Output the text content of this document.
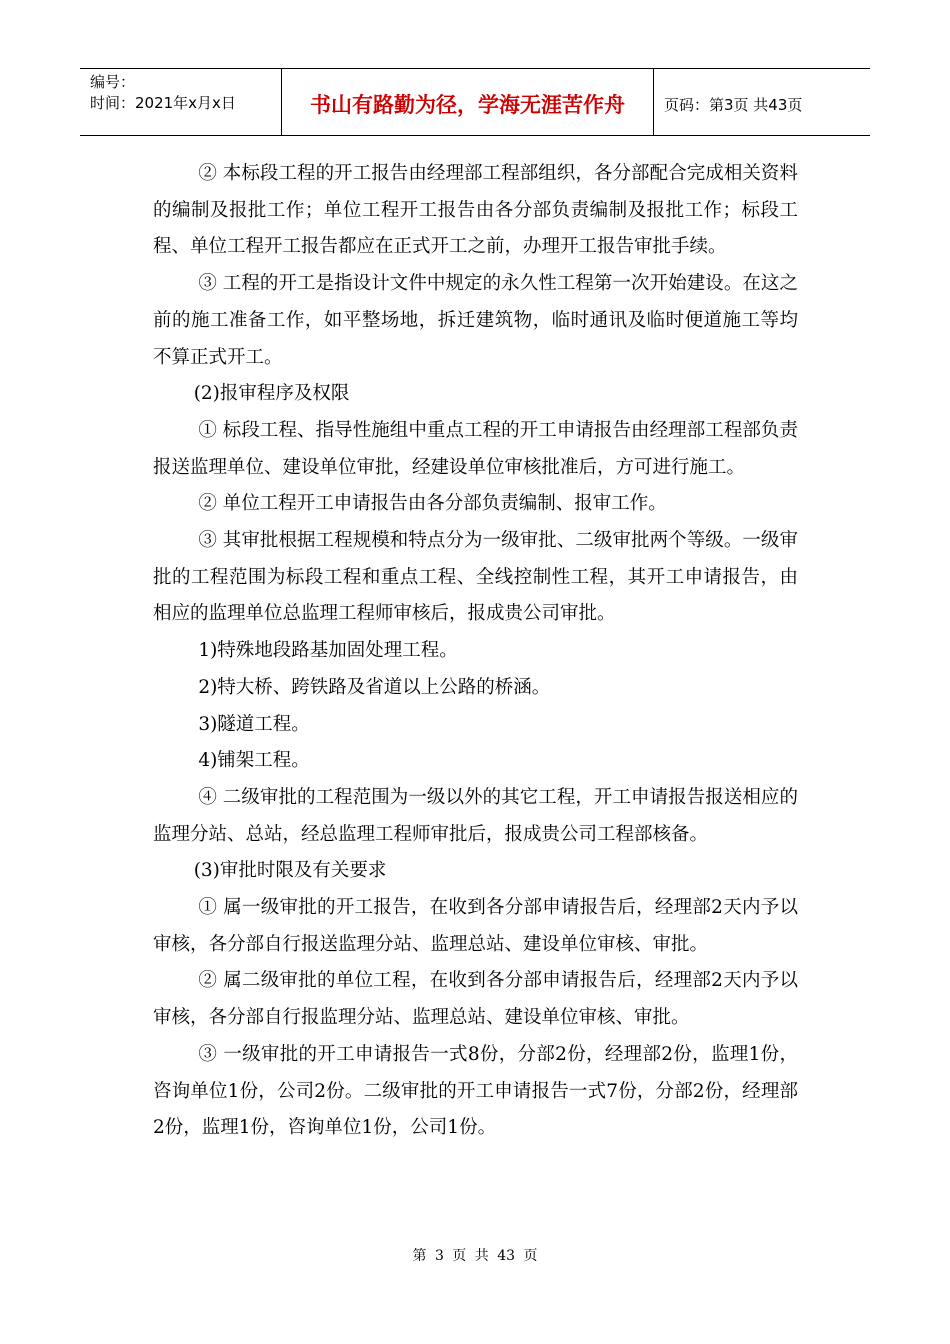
编号：
时间：2021年x月x日	书山有路勤为径，学海无涯苦作舟	页码：第3页 共43页

② 本标段工程的开工报告由经理部工程部组织，各分部配合完成相关资料的编制及报批工作；单位工程开工报告由各分部负责编制及报批工作；标段工程、单位工程开工报告都应在正式开工之前，办理开工报告审批手续。

③ 工程的开工是指设计文件中规定的永久性工程第一次开始建设。在这之前的施工准备工作，如平整场地，拆迁建筑物，临时通讯及临时便道施工等均不算正式开工。

(2)报审程序及权限

① 标段工程、指导性施组中重点工程的开工申请报告由经理部工程部负责报送监理单位、建设单位审批，经建设单位审核批准后，方可进行施工。

② 单位工程开工申请报告由各分部负责编制、报审工作。

③ 其审批根据工程规模和特点分为一级审批、二级审批两个等级。一级审批的工程范围为标段工程和重点工程、全线控制性工程，其开工申请报告，由相应的监理单位总监理工程师审核后，报成贵公司审批。

1)特殊地段路基加固处理工程。

2)特大桥、跨铁路及省道以上公路的桥涵。

3)隧道工程。

4)铺架工程。

④ 二级审批的工程范围为一级以外的其它工程，开工申请报告报送相应的监理分站、总站，经总监理工程师审批后，报成贵公司工程部核备。

(3)审批时限及有关要求

① 属一级审批的开工报告，在收到各分部申请报告后，经理部2天内予以审核，各分部自行报送监理分站、监理总站、建设单位审核、审批。

② 属二级审批的单位工程，在收到各分部申请报告后，经理部2天内予以审核，各分部自行报监理分站、监理总站、建设单位审核、审批。

③ 一级审批的开工申请报告一式8份，分部2份，经理部2份，监理1份，咨询单位1份，公司2份。二级审批的开工申请报告一式7份，分部2份，经理部2份，监理1份，咨询单位1份，公司1份。

第 3 页 共 43 页
